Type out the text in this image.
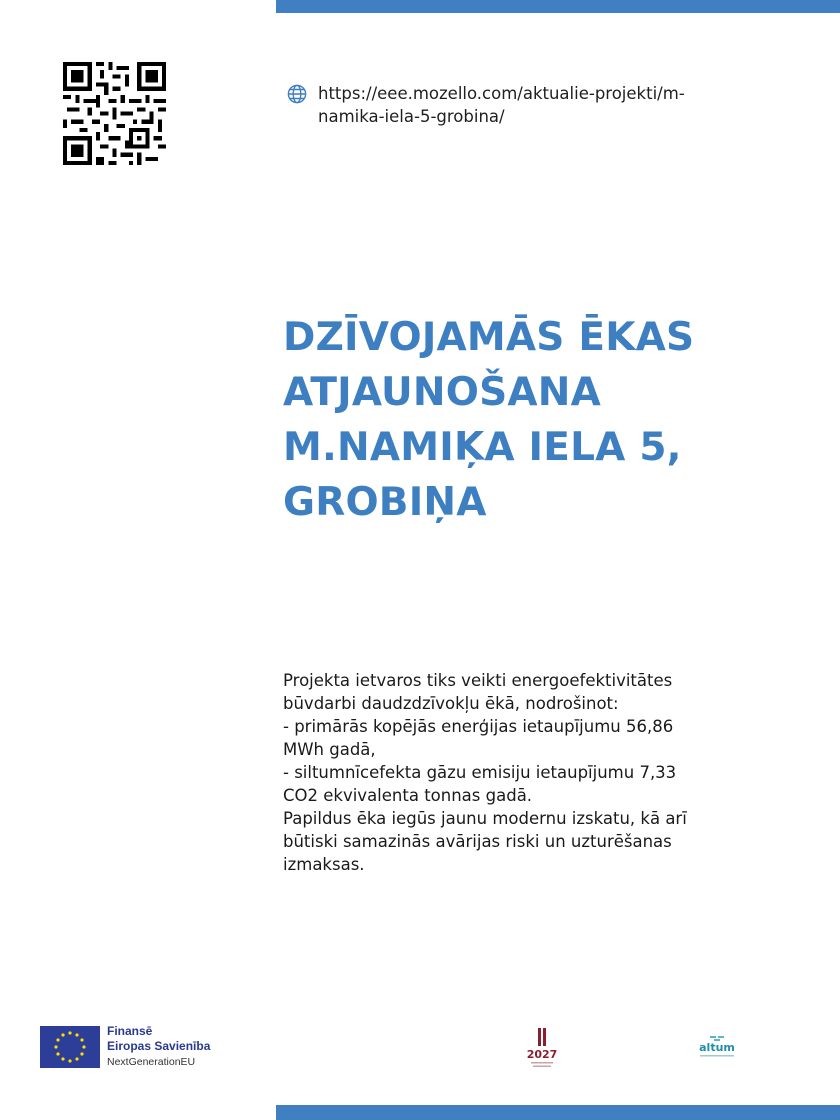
https://eee.mozello.com/aktualie-projekti/m-
namika-iela-5-grobina/
DZĪVOJAMĀS ĒKAS
ATJAUNOŠANA
M.NAMIĶA IELA 5,
GROBIŅA
Projekta ietvaros tiks veikti energoefektivitātes
būvdarbi daudzdzīvokļu ēkā, nodrošinot:
- primārās kopējās enerģijas ietaupījumu 56,86
MWh gadā,
- siltumnīcefekta gāzu emisiju ietaupījumu 7,33
CO2 ekvivalenta tonnas gadā.
Papildus ēka iegūs jaunu modernu izskatu, kā arī
būtiski samazinās avārijas riski un uzturēšanas
izmaksas.
Finansē
Eiropas Savienība
NextGenerationEU
2027
altum
